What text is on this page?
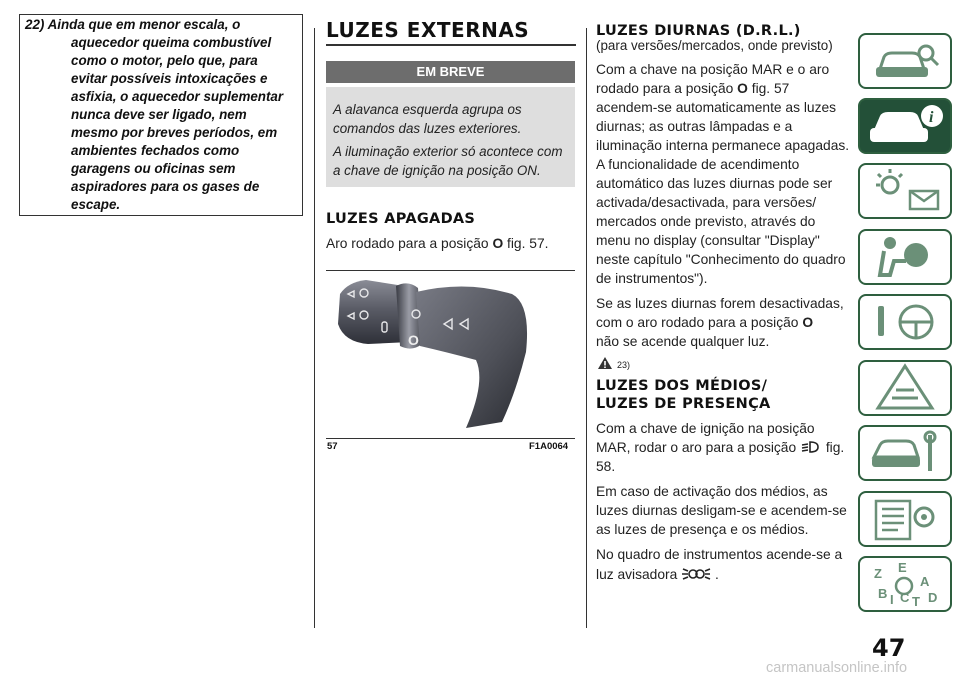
22) Ainda que em menor escala, o
aquecedor queima combustível
como o motor, pelo que, para
evitar possíveis intoxicações e
asfixia, o aquecedor suplementar
nunca deve ser ligado, nem
mesmo por breves períodos, em
ambientes fechados como
garagens ou oficinas sem
aspiradores para os gases de
escape.
LUZES EXTERNAS
EM BREVE
A alavanca esquerda agrupa os
comandos das luzes exteriores.
A iluminação exterior só acontece com
a chave de ignição na posição ON.
LUZES APAGADAS
Aro rodado para a posição O fig. 57.
O
57	F1A0064
LUZES DIURNAS (D.R.L.)
(para versões/mercados, onde previsto)
Com a chave na posição MAR e o aro
rodado para a posição O fig. 57
acendem-se automaticamente as luzes
diurnas; as outras lâmpadas e a
iluminação interna permanece apagadas.
A funcionalidade de acendimento
automático das luzes diurnas pode ser
activada/desactivada, para versões/
mercados onde previsto, através do
menu no display (consultar "Display"
neste capítulo "Conhecimento do quadro
de instrumentos").
Se as luzes diurnas forem desactivadas,
com o aro rodado para a posição O
não se acende qualquer luz.
23)
LUZES DOS MÉDIOS/
LUZES DE PRESENÇA
Com a chave de ignição na posição
MAR, rodar o aro para a posição fig.
58.
Em caso de activação dos médios, as
luzes diurnas desligam-se e acendem-se
as luzes de presença e os médios.
No quadro de instrumentos acende-se a
luz avisadora	.
i
Z E
A
B I C T D
47
carmanualsonline.info
